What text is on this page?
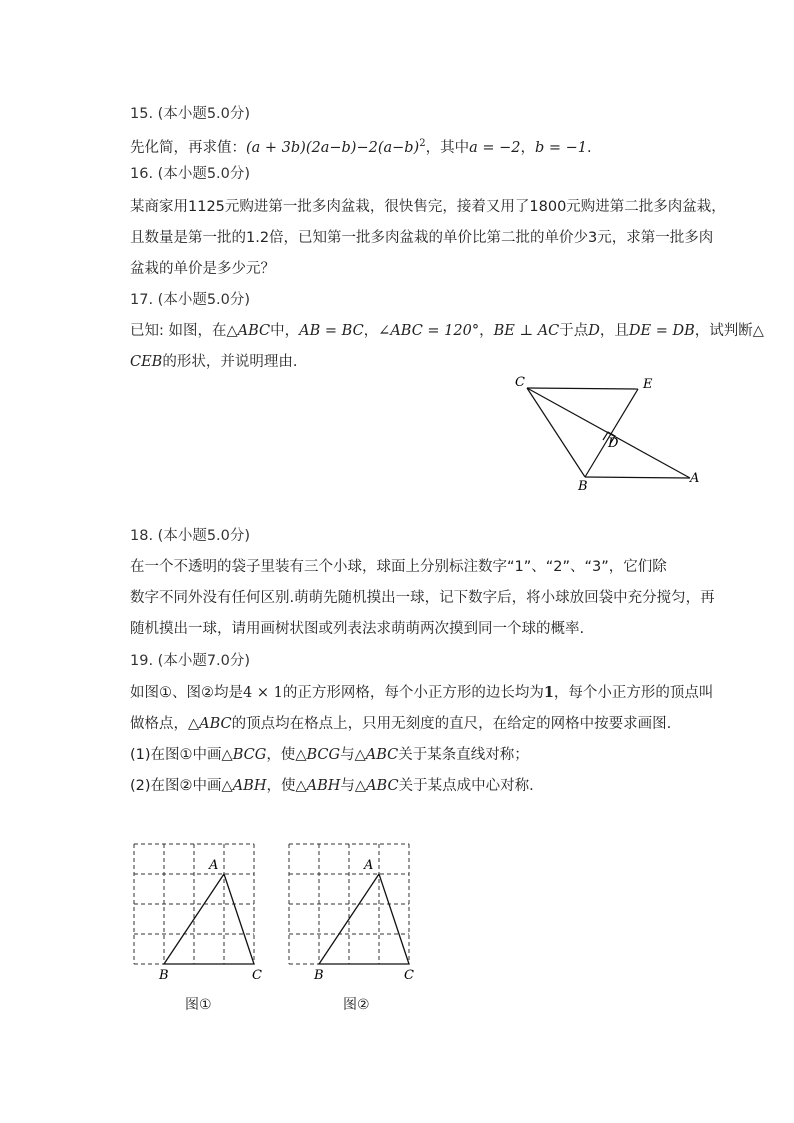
15. (本小题5.0分)
先化简，再求值：$(a + 3b)(2a-b)-2(a-b)^2$，其中a = −2，b = −1.
16. (本小题5.0分)
某商家用1125元购进第一批多肉盆栽，很快售完，接着又用了1800元购进第二批多肉盆栽，
且数量是第一批的1.2倍，已知第一批多肉盆栽的单价比第二批的单价少3元，求第一批多肉
盆栽的单价是多少元？
17. (本小题5.0分)
已知: 如图，在△ABC中，AB = BC，∠ABC = 120°，BE ⊥ AC于点D，且DE = DB，试判断△
CEB的形状，并说明理由.
C	E
D
B
A
18. (本小题5.0分)
在一个不透明的袋子里装有三个小球，球面上分别标注数字“1”、“2”、“3”，它们除
数字不同外没有任何区别.萌萌先随机摸出一球，记下数字后，将小球放回袋中充分搅匀，再
随机摸出一球，请用画树状图或列表法求萌萌两次摸到同一个球的概率.
19. (本小题7.0分)
如图①、图②均是4 × 1的正方形网格，每个小正方形的边长均为1，每个小正方形的顶点叫
做格点，△ABC的顶点均在格点上，只用无刻度的直尺，在给定的网格中按要求画图.
(1)在图①中画△BCG，使△BCG与△ABC关于某条直线对称；
(2)在图②中画△ABH，使△ABH与△ABC关于某点成中心对称.
A
B	C
图①
A
B	C
图②
